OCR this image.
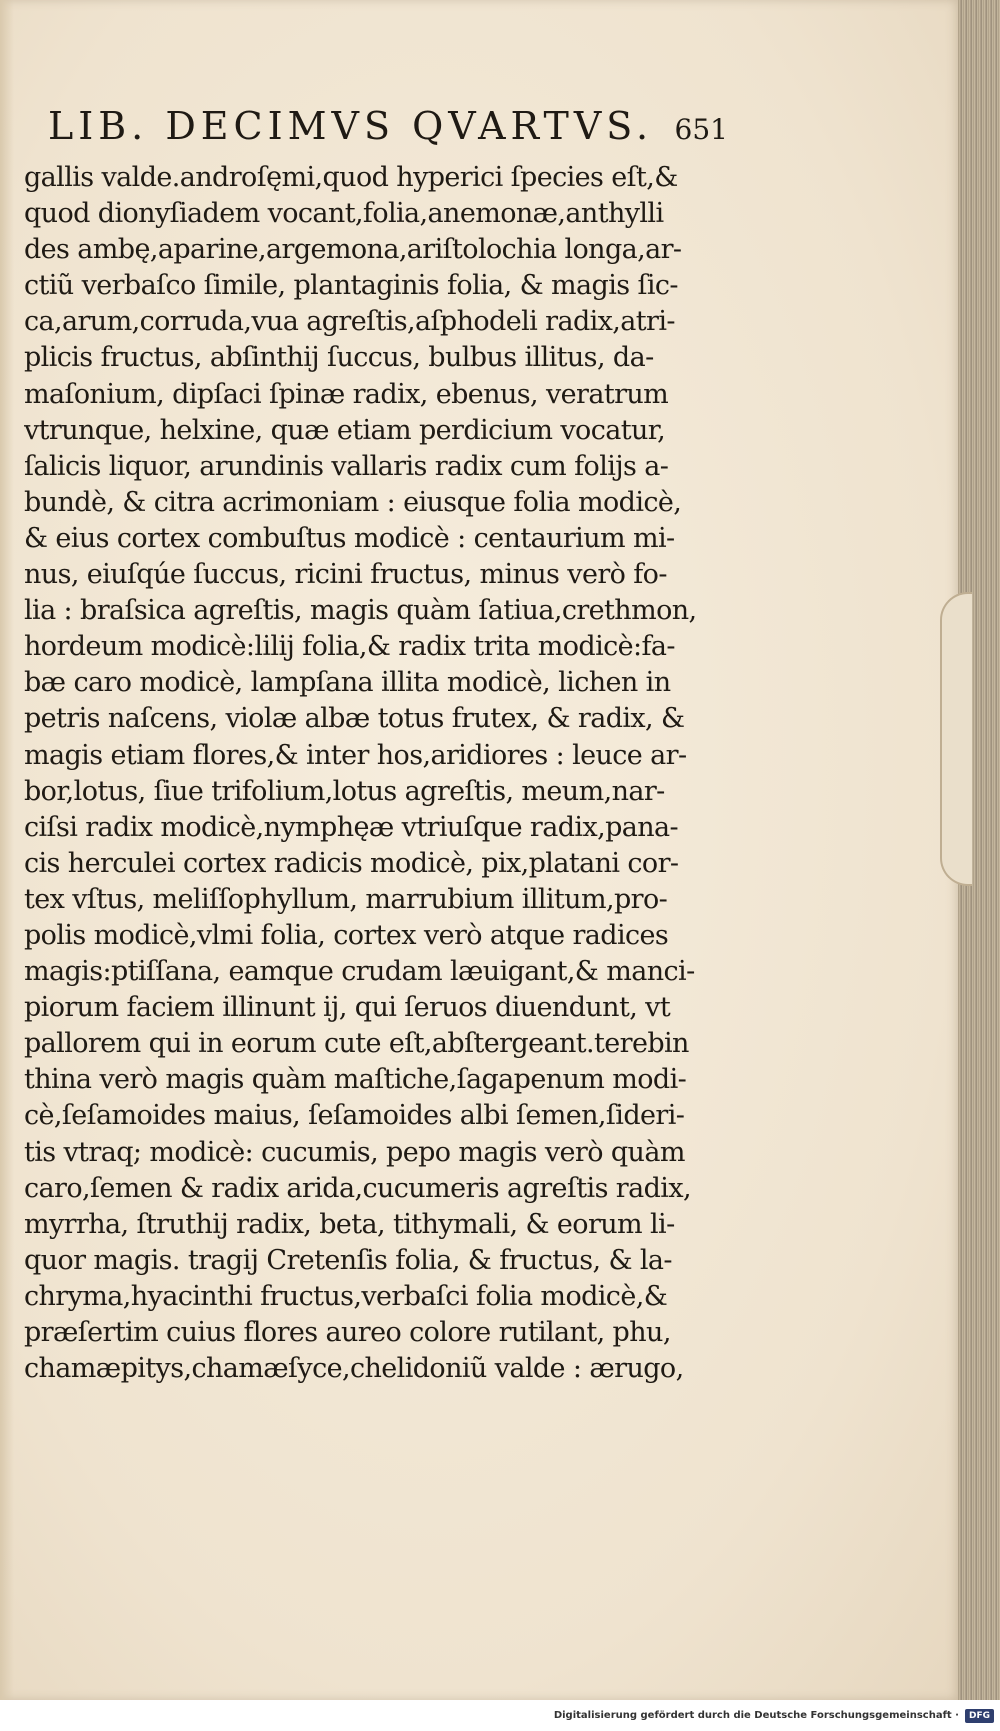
LIB. DECIMVS QVARTVS. 651
gallis valde.androſęmi,quod hyperici ſpecies eſt,&
quod dionyſiadem vocant,folia,anemonæ,anthylli
des ambę,aparine,argemona,ariſtolochia longa,ar-
ctiũ verbaſco ſimile, plantaginis folia, & magis ſic-
ca,arum,corruda,vua agreſtis,aſphodeli radix,atri-
plicis fructus, abſinthij ſuccus, bulbus illitus, da-
maſonium, dipſaci ſpinæ radix, ebenus, veratrum
vtrunque, helxine, quæ etiam perdicium vocatur,
ſalicis liquor, arundinis vallaris radix cum folijs a-
bundè, & citra acrimoniam : eiusque folia modicè,
& eius cortex combuſtus modicè : centaurium mi-
nus, eiuſqúe ſuccus, ricini fructus, minus verò fo-
lia : braſsica agreſtis, magis quàm ſatiua,crethmon,
hordeum modicè:lilij folia,& radix trita modicè:fa-
bæ caro modicè, lampſana illita modicè, lichen in
petris naſcens, violæ albæ totus frutex, & radix, &
magis etiam flores,& inter hos,aridiores : leuce ar-
bor,lotus, ſiue trifolium,lotus agreſtis, meum,nar-
ciſsi radix modicè,nymphęæ vtriuſque radix,pana-
cis herculei cortex radicis modicè, pix,platani cor-
tex vſtus, meliſſophyllum, marrubium illitum,pro-
polis modicè,vlmi folia, cortex verò atque radices
magis:ptiſſana, eamque crudam læuigant,& manci-
piorum faciem illinunt ij, qui ſeruos diuendunt, vt
pallorem qui in eorum cute eſt,abſtergeant.terebin
thina verò magis quàm maſtiche,ſagapenum modi-
cè,ſeſamoides maius, ſeſamoides albi ſemen,ſideri-
tis vtraq; modicè: cucumis, pepo magis verò quàm
caro,ſemen & radix arida,cucumeris agreſtis radix,
myrrha, ſtruthij radix, beta, tithymali, & eorum li-
quor magis. tragij Cretenſis folia, & fructus, & la-
chryma,hyacinthi fructus,verbaſci folia modicè,&
præſertim cuius flores aureo colore rutilant, phu,
chamæpitys,chamæſyce,chelidoniũ valde : ærugo,
Digitalisierung gefördert durch die Deutsche Forschungsgemeinschaft ·	DFG
